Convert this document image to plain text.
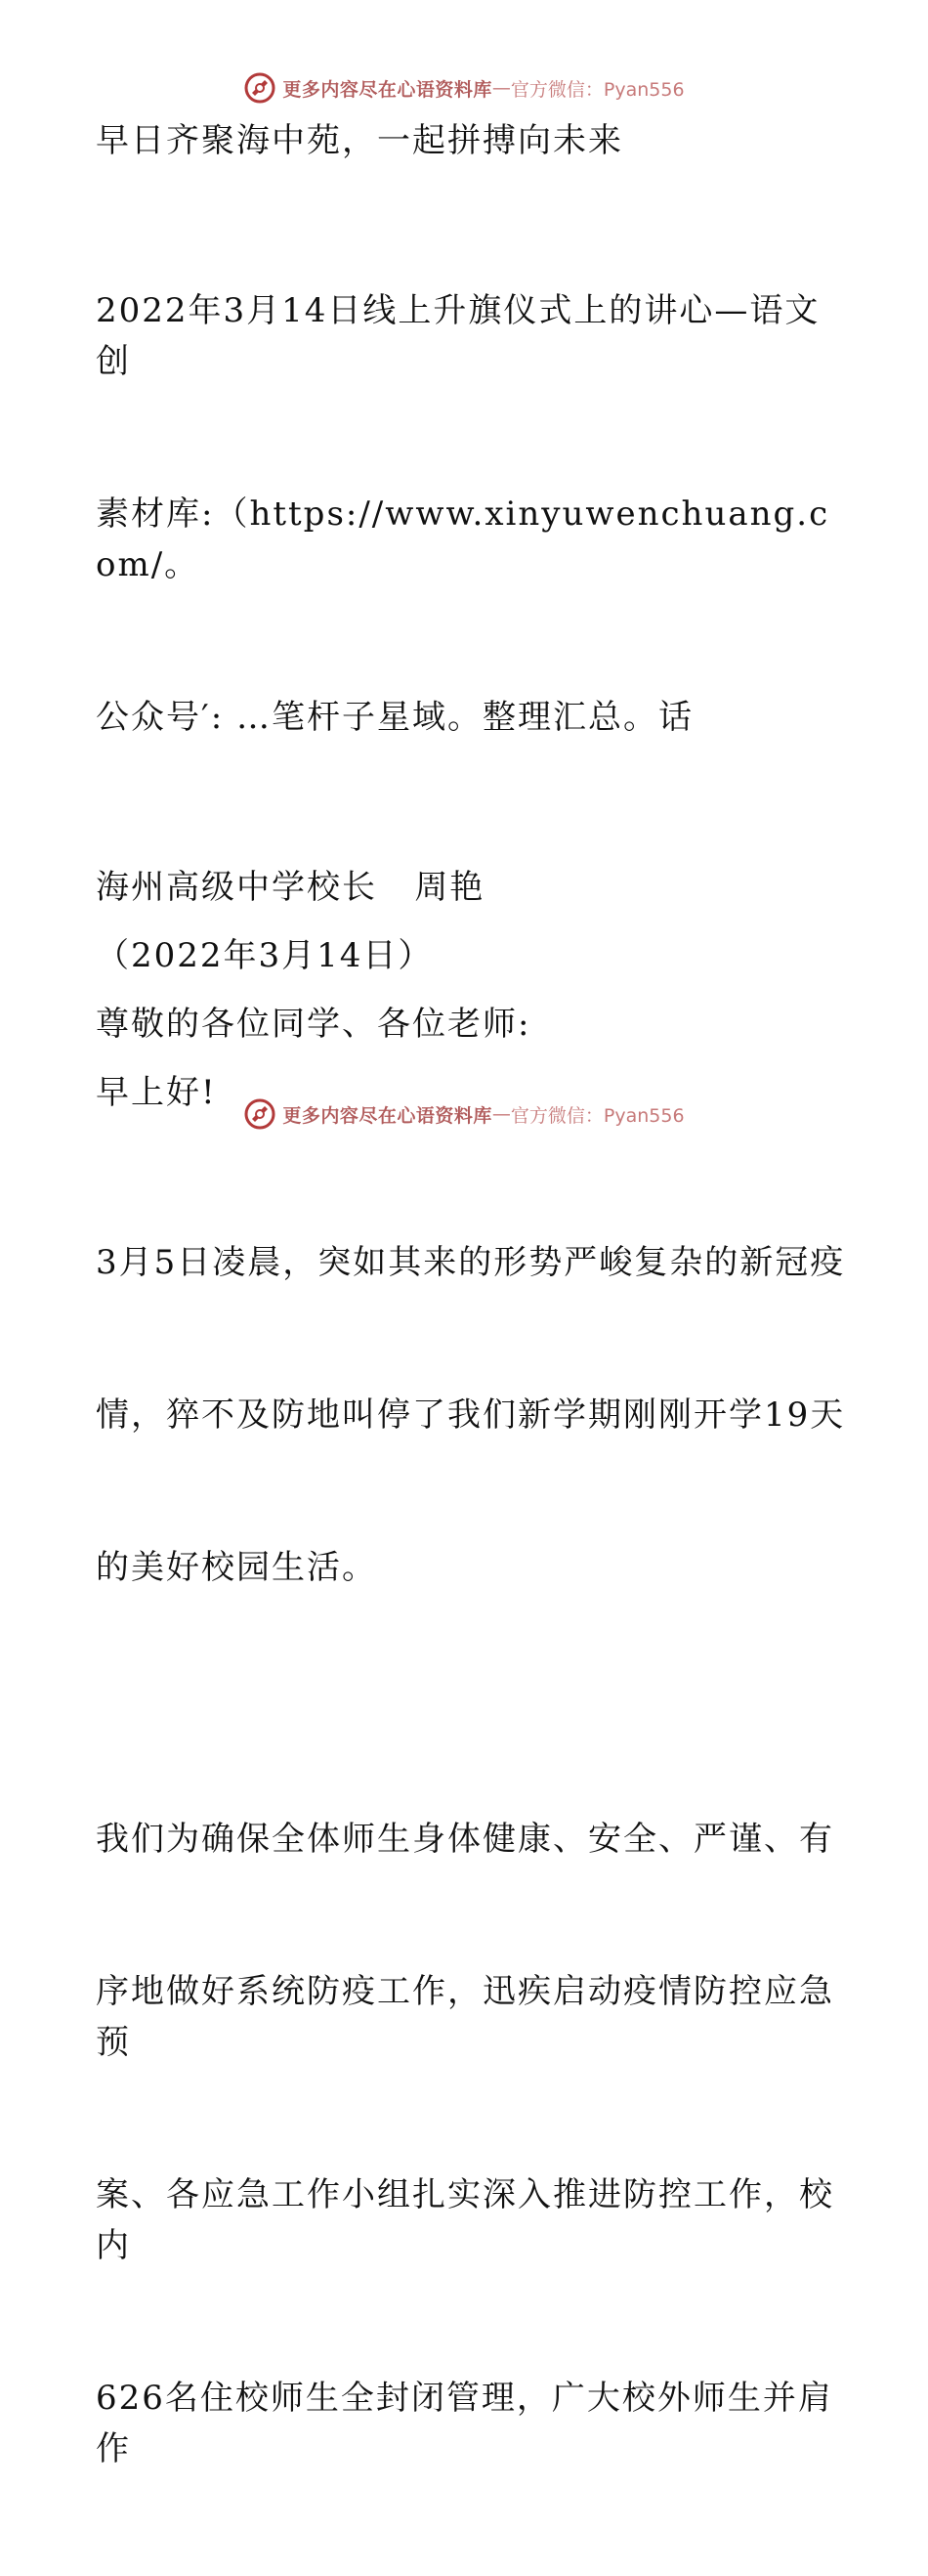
更多内容尽在心语资料库 — 官方微信：Pyan556

早日齐聚海中苑，一起拼搏向未来

2022年3月14日线上升旗仪式上的讲心—语文创

素材库:（https://www.xinyuwenchuang.com/。

公众号′: …笔杆子星域。整理汇总。话

海州高级中学校长   周艳

（2022年3月14日）

尊敬的各位同学、各位老师:

早上好!

3月5日凌晨，突如其来的形势严峻复杂的新冠疫

情，猝不及防地叫停了我们新学期刚刚开学19天

的美好校园生活。

我们为确保全体师生身体健康、安全、严谨、有

序地做好系统防疫工作，迅疾启动疫情防控应急预

案、各应急工作小组扎实深入推进防控工作，校内

626名住校师生全封闭管理，广大校外师生并肩作

更多内容尽在心语资料库 — 官方微信：Pyan556
